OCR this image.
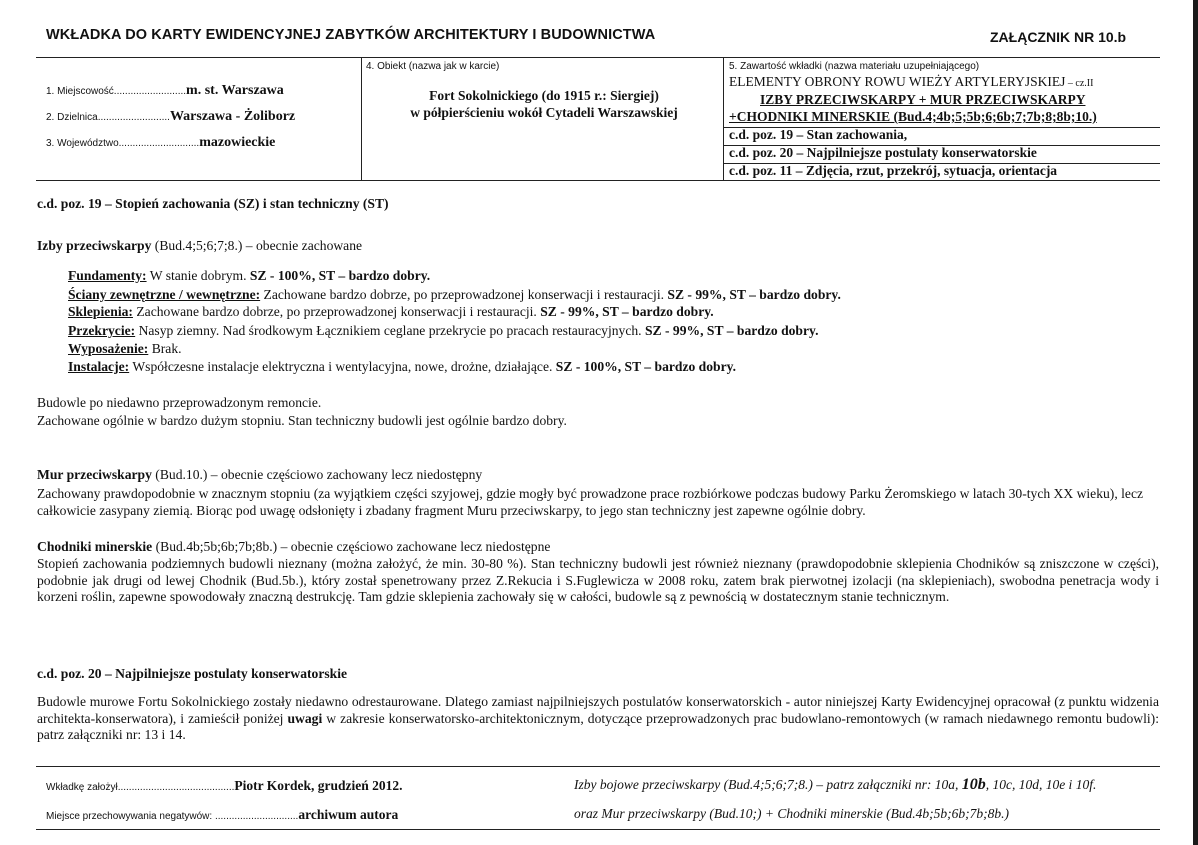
WKŁADKA DO KARTY EWIDENCYJNEJ ZABYTKÓW ARCHITEKTURY I BUDOWNICTWA	ZAŁĄCZNIK NR 10.b
1. Miejscowość..........................m. st. Warszawa
2. Dzielnica..........................Warszawa - Żoliborz
3. Województwo.............................mazowieckie
4. Obiekt (nazwa jak w karcie)
Fort Sokolnickiego (do 1915 r.: Siergiej)
w półpierścieniu wokół Cytadeli Warszawskiej
5. Zawartość wkładki (nazwa materiału uzupełniającego)
ELEMENTY OBRONY ROWU WIEŻY ARTYLERYJSKIEJ – cz.II
IZBY PRZECIWSKARPY + MUR PRZECIWSKARPY
+CHODNIKI MINERSKIE (Bud.4;4b;5;5b;6;6b;7;7b;8;8b;10.)
c.d. poz. 19 – Stan zachowania,
c.d. poz. 20 – Najpilniejsze postulaty konserwatorskie
c.d. poz. 11 – Zdjęcia, rzut, przekrój, sytuacja, orientacja
c.d. poz. 19 – Stopień zachowania (SZ) i stan techniczny (ST)
Izby przeciwskarpy (Bud.4;5;6;7;8.) – obecnie zachowane
Fundamenty: W stanie dobrym. SZ - 100%, ST – bardzo dobry.
Ściany zewnętrzne / wewnętrzne: Zachowane bardzo dobrze, po przeprowadzonej konserwacji i restauracji. SZ - 99%, ST – bardzo dobry.
Sklepienia: Zachowane bardzo dobrze, po przeprowadzonej konserwacji i restauracji. SZ - 99%, ST – bardzo dobry.
Przekrycie: Nasyp ziemny. Nad środkowym Łącznikiem ceglane przekrycie po pracach restauracyjnych. SZ - 99%, ST – bardzo dobry.
Wyposażenie: Brak.
Instalacje: Współczesne instalacje elektryczna i wentylacyjna, nowe, drożne, działające. SZ - 100%, ST – bardzo dobry.
Budowle po niedawno przeprowadzonym remoncie.
Zachowane ogólnie w bardzo dużym stopniu. Stan techniczny budowli jest ogólnie bardzo dobry.
Mur przeciwskarpy (Bud.10.) – obecnie częściowo zachowany lecz niedostępny
Zachowany prawdopodobnie w znacznym stopniu (za wyjątkiem części szyjowej, gdzie mogły być prowadzone prace rozbiórkowe podczas budowy Parku Żeromskiego w latach 30-tych XX wieku), lecz całkowicie zasypany ziemią. Biorąc pod uwagę odsłonięty i zbadany fragment Muru przeciwskarpy, to jego stan techniczny jest zapewne ogólnie dobry.
Chodniki minerskie (Bud.4b;5b;6b;7b;8b.) – obecnie częściowo zachowane lecz niedostępne
Stopień zachowania podziemnych budowli nieznany (można założyć, że min. 30-80 %). Stan techniczny budowli jest również nieznany (prawdopodobnie sklepienia Chodników są zniszczone w części), podobnie jak drugi od lewej Chodnik (Bud.5b.), który został spenetrowany przez Z.Rekucia i S.Fuglewicza w 2008 roku, zatem brak pierwotnej izolacji (na sklepieniach), swobodna penetracja wody i korzeni roślin, zapewne spowodowały znaczną destrukcję. Tam gdzie sklepienia zachowały się w całości, budowle są z pewnością w dostatecznym stanie technicznym.
c.d. poz. 20 – Najpilniejsze postulaty konserwatorskie
Budowle murowe Fortu Sokolnickiego zostały niedawno odrestaurowane. Dlatego zamiast najpilniejszych postulatów konserwatorskich - autor niniejszej Karty Ewidencyjnej opracował (z punktu widzenia architekta-konserwatora), i zamieścił poniżej uwagi w zakresie konserwatorsko-architektonicznym, dotyczące przeprowadzonych prac budowlano-remontowych (w ramach niedawnego remontu budowli): patrz załączniki nr: 13 i 14.
Wkładkę założył..........................................Piotr Kordek, grudzień 2012.
Miejsce przechowywania negatywów: ..............................archiwum autora
Izby bojowe przeciwskarpy (Bud.4;5;6;7;8.) – patrz załączniki nr: 10a, 10b, 10c, 10d, 10e i 10f.
oraz Mur przeciwskarpy (Bud.10;) + Chodniki minerskie (Bud.4b;5b;6b;7b;8b.)
